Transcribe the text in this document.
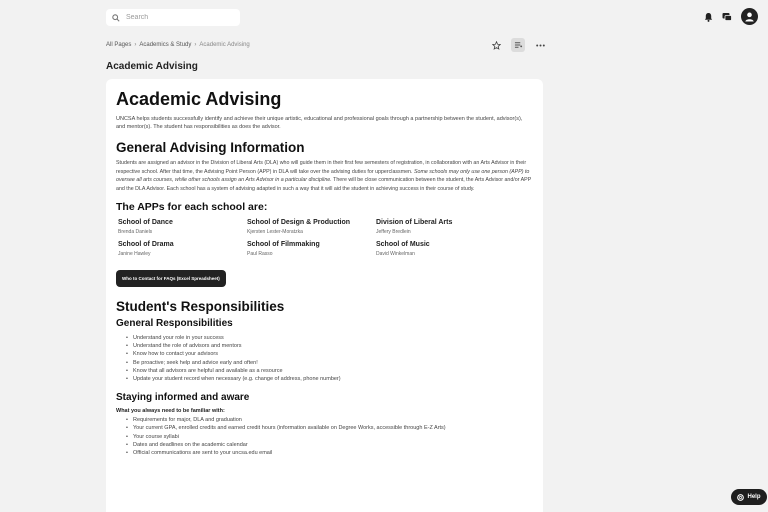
Search
All Pages › Academics & Study › Academic Advising
Academic Advising
Academic Advising

UNCSA helps students successfully identify and achieve their unique artistic, educational and professional goals through a partnership between the student, advisor(s), and mentor(s). The student has responsibilities as does the advisor.

General Advising Information

Students are assigned an advisor in the Division of Liberal Arts (DLA) who will guide them in their first few semesters of registration, in collaboration with an Arts Advisor in their respective school. After that time, the Advising Point Person (APP) in DLA will take over the advising duties for upperclassmen. Some schools may only use one person (APP) to oversee all arts courses, while other schools assign an Arts Advisor in a particular discipline. There will be close communication between the student, the Arts Advisor and/or APP and the DLA Advisor. Each school has a system of advising adapted in such a way that it will aid the student in achieving success in their course of study.

The APPs for each school are:
School of Dance
Brenda Daniels
School of Design & Production
Kjersten Lester-Moratzka
Division of Liberal Arts
Jeffery Bredlein
School of Drama
Janine Hawley
School of Filmmaking
Paul Rasso
School of Music
David Winkelman
Who to Contact for FAQs (Excel Spreadsheet)
Student's Responsibilities
General Responsibilities
• Understand your role in your success
• Understand the role of advisors and mentors
• Know how to contact your advisors
• Be proactive; seek help and advice early and often!
• Know that all advisors are helpful and available as a resource
• Update your student record when necessary (e.g. change of address, phone number)
Staying informed and aware
What you always need to be familiar with:
• Requirements for major, DLA and graduation
• Your current GPA, enrolled credits and earned credit hours (information available on Degree Works, accessible through E-Z Arts)
• Your course syllabi
• Dates and deadlines on the academic calendar
• Official communications are sent to your uncsa.edu email
Help
